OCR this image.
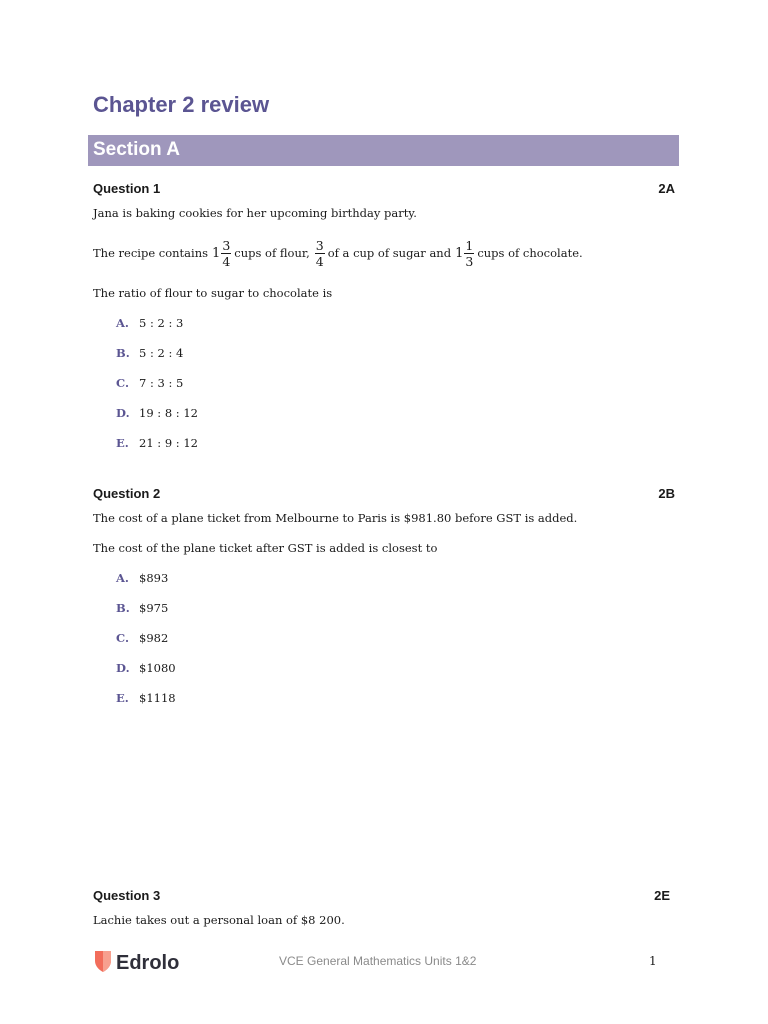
Chapter 2 review
Section A
Question 1	2A
Jana is baking cookies for her upcoming birthday party.
The recipe contains $1 \frac{3}{4}$ cups of flour, $\frac{3}{4}$ of a cup of sugar and $1 \frac{1}{3}$ cups of chocolate.
The ratio of flour to sugar to chocolate is
A. 5 : 2 : 3
B. 5 : 2 : 4
C. 7 : 3 : 5
D. 19 : 8 : 12
E. 21 : 9 : 12
Question 2	2B
The cost of a plane ticket from Melbourne to Paris is $981.80 before GST is added.
The cost of the plane ticket after GST is added is closest to
A. $893
B. $975
C. $982
D. $1080
E. $1118
Question 3	2E
Lachie takes out a personal loan of $8 200.
Edrolo	VCE General Mathematics Units 1&2	1
